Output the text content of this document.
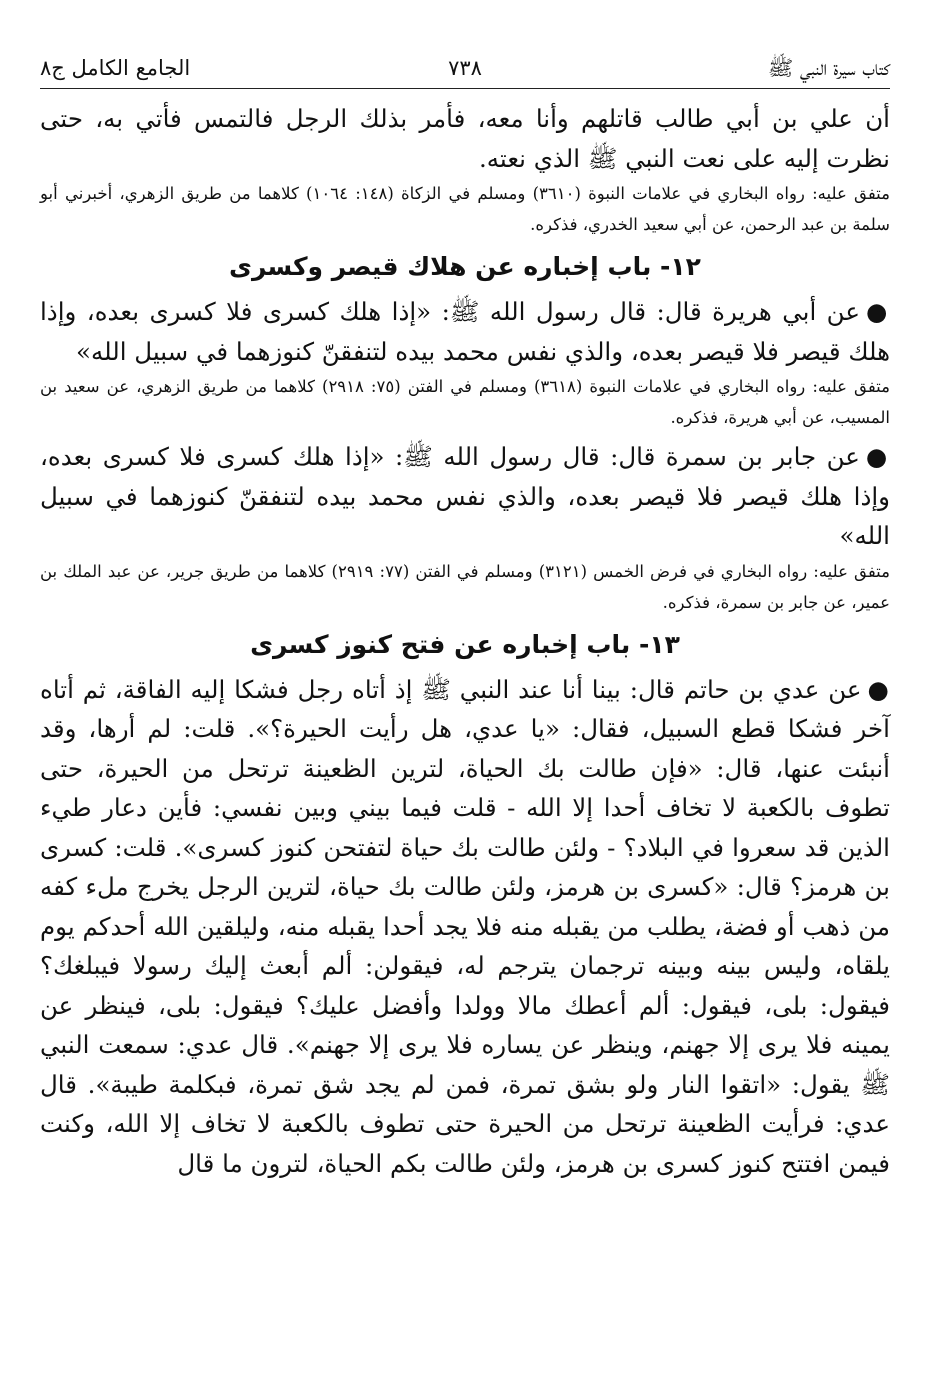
كتاب سيرة النبي ﷺ
٧٣٨
الجامع الكامل ج٨

أن علي بن أبي طالب قاتلهم وأنا معه، فأمر بذلك الرجل فالتمس فأتي به، حتى نظرت إليه على نعت النبي ﷺ الذي نعته.

متفق عليه: رواه البخاري في علامات النبوة (٣٦١٠) ومسلم في الزكاة (١٤٨: ١٠٦٤) كلاهما من طريق الزهري، أخبرني أبو سلمة بن عبد الرحمن، عن أبي سعيد الخدري، فذكره.

١٢- باب إخباره عن هلاك قيصر وكسرى

●عن أبي هريرة قال: قال رسول الله ﷺ: «إذا هلك كسرى فلا كسرى بعده، وإذا هلك قيصر فلا قيصر بعده، والذي نفس محمد بيده لتنفقنّ كنوزهما في سبيل الله»

متفق عليه: رواه البخاري في علامات النبوة (٣٦١٨) ومسلم في الفتن (٧٥: ٢٩١٨) كلاهما من طريق الزهري، عن سعيد بن المسيب، عن أبي هريرة، فذكره.

●عن جابر بن سمرة قال: قال رسول الله ﷺ: «إذا هلك كسرى فلا كسرى بعده، وإذا هلك قيصر فلا قيصر بعده، والذي نفس محمد بيده لتنفقنّ كنوزهما في سبيل الله»

متفق عليه: رواه البخاري في فرض الخمس (٣١٢١) ومسلم في الفتن (٧٧: ٢٩١٩) كلاهما من طريق جرير، عن عبد الملك بن عمير، عن جابر بن سمرة، فذكره.

١٣- باب إخباره عن فتح كنوز كسرى

●عن عدي بن حاتم قال: بينا أنا عند النبي ﷺ إذ أتاه رجل فشكا إليه الفاقة، ثم أتاه آخر فشكا قطع السبيل، فقال: «يا عدي، هل رأيت الحيرة؟». قلت: لم أرها، وقد أنبئت عنها، قال: «فإن طالت بك الحياة، لترين الظعينة ترتحل من الحيرة، حتى تطوف بالكعبة لا تخاف أحدا إلا الله - قلت فيما بيني وبين نفسي: فأين دعار طيء الذين قد سعروا في البلاد؟ - ولئن طالت بك حياة لتفتحن كنوز كسرى». قلت: كسرى بن هرمز؟ قال: «كسرى بن هرمز، ولئن طالت بك حياة، لترين الرجل يخرج ملء كفه من ذهب أو فضة، يطلب من يقبله منه فلا يجد أحدا يقبله منه، وليلقين الله أحدكم يوم يلقاه، وليس بينه وبينه ترجمان يترجم له، فيقولن: ألم أبعث إليك رسولا فيبلغك؟ فيقول: بلى، فيقول: ألم أعطك مالا وولدا وأفضل عليك؟ فيقول: بلى، فينظر عن يمينه فلا يرى إلا جهنم، وينظر عن يساره فلا يرى إلا جهنم». قال عدي: سمعت النبي ﷺ يقول: «اتقوا النار ولو بشق تمرة، فمن لم يجد شق تمرة، فبكلمة طيبة». قال عدي: فرأيت الظعينة ترتحل من الحيرة حتى تطوف بالكعبة لا تخاف إلا الله، وكنت فيمن افتتح كنوز كسرى بن هرمز، ولئن طالت بكم الحياة، لترون ما قال
